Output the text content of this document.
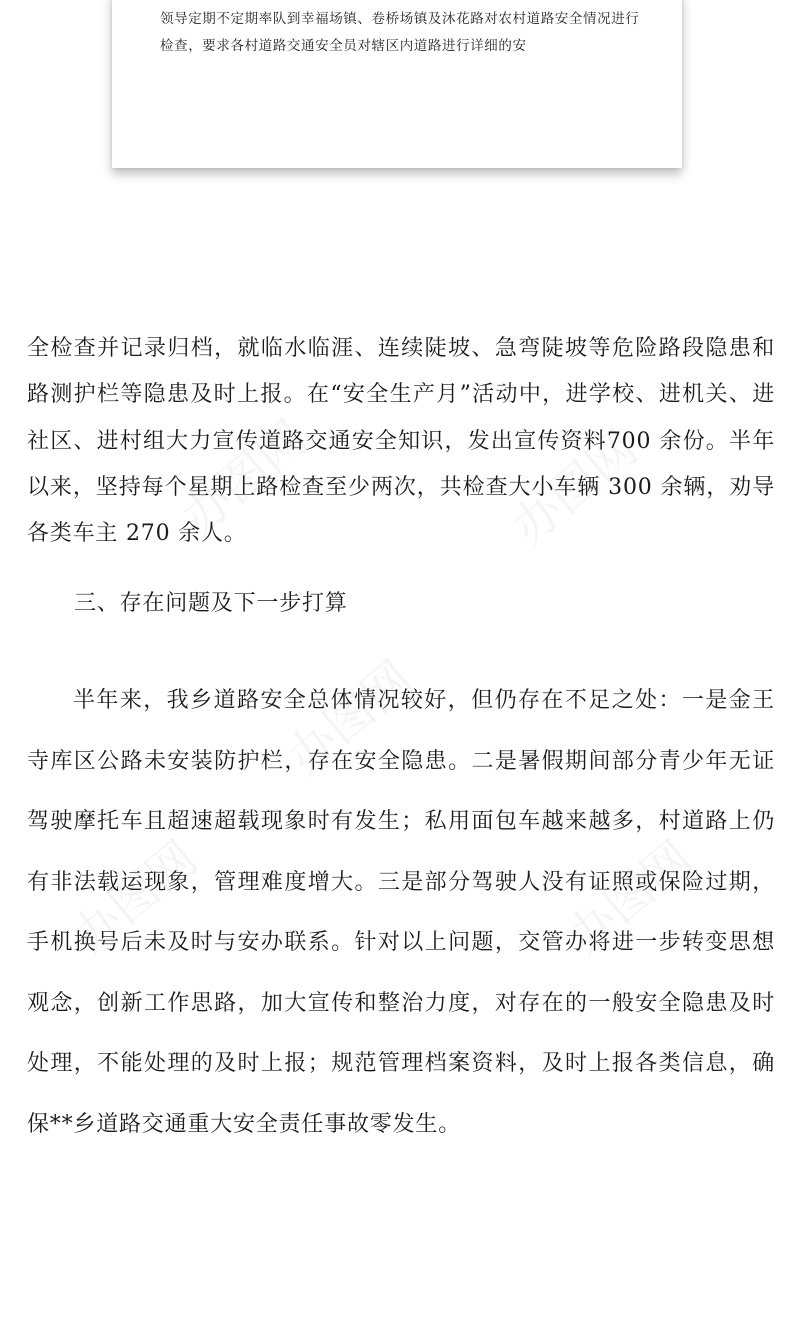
领导定期不定期率队到幸福场镇、卷桥场镇及沐花路对农村道路安全情况进行检查，要求各村道路交通安全员对辖区内道路进行详细的安

全检查并记录归档，就临水临涯、连续陡坡、急弯陡坡等危险路段隐患和路测护栏等隐患及时上报。在“安全生产月”活动中，进学校、进机关、进社区、进村组大力宣传道路交通安全知识，发出宣传资料700 余份。半年以来，坚持每个星期上路检查至少两次，共检查大小车辆 300 余辆，劝导各类车主 270 余人。

三、存在问题及下一步打算

半年来，我乡道路安全总体情况较好，但仍存在不足之处：一是金王寺库区公路未安装防护栏，存在安全隐患。二是暑假期间部分青少年无证驾驶摩托车且超速超载现象时有发生；私用面包车越来越多，村道路上仍有非法载运现象，管理难度增大。三是部分驾驶人没有证照或保险过期，手机换号后未及时与安办联系。针对以上问题，交管办将进一步转变思想观念，创新工作思路，加大宣传和整治力度，对存在的一般安全隐患及时处理，不能处理的及时上报；规范管理档案资料，及时上报各类信息，确保**乡道路交通重大安全责任事故零发生。
